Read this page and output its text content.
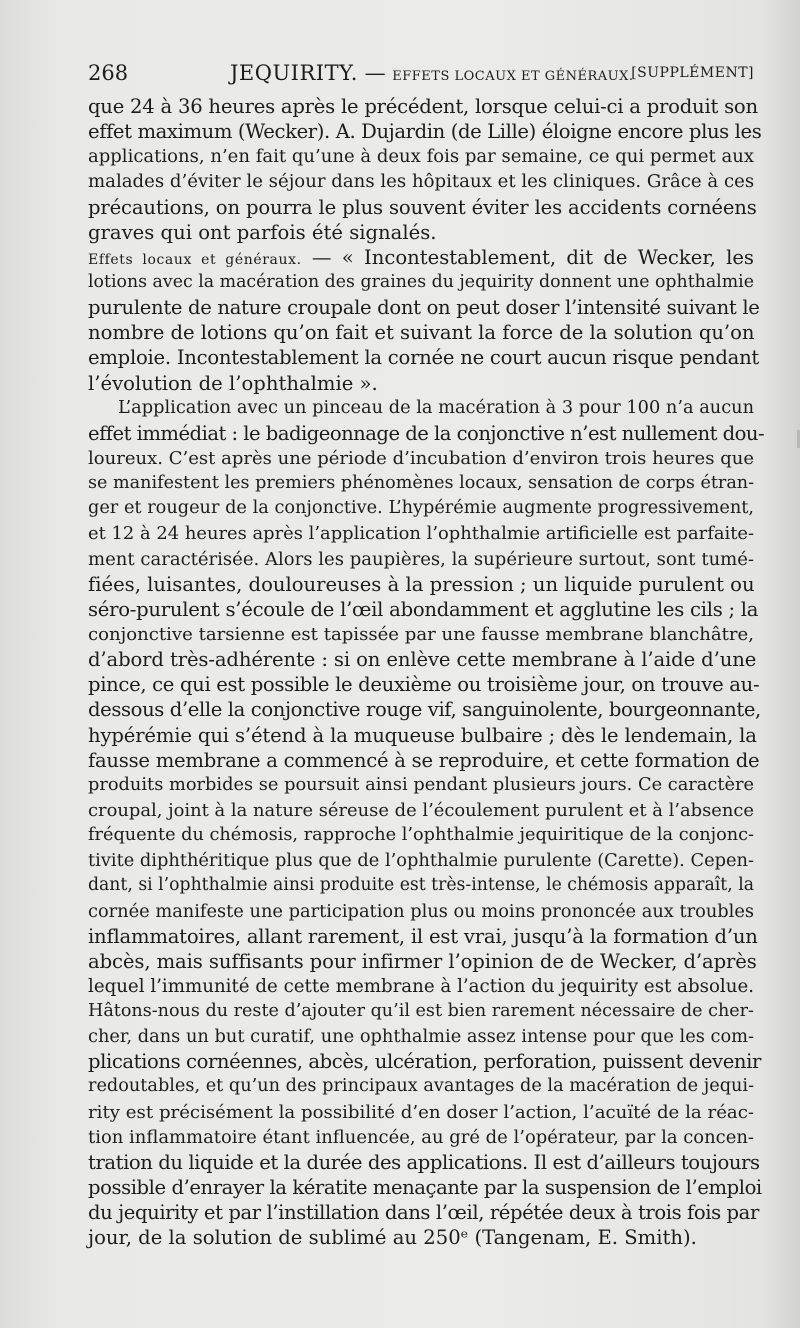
268	JEQUIRITY. — EFFETS LOCAUX ET GÉNÉRAUX.
[SUPPLÉMENT]

que 24 à 36 heures après le précédent, lorsque celui-ci a produit son
effet maximum (Wecker). A. Dujardin (de Lille) éloigne encore plus les
applications, n’en fait qu’une à deux fois par semaine, ce qui permet aux
malades d’éviter le séjour dans les hôpitaux et les cliniques. Grâce à ces
précautions, on pourra le plus souvent éviter les accidents cornéens
graves qui ont parfois été signalés.

Effets locaux et généraux. — « Incontestablement, dit de Wecker, les
lotions avec la macération des graines du jequirity donnent une ophthalmie
purulente de nature croupale dont on peut doser l’intensité suivant le
nombre de lotions qu’on fait et suivant la force de la solution qu’on
emploie. Incontestablement la cornée ne court aucun risque pendant
l’évolution de l’ophthalmie ».

L’application avec un pinceau de la macération à 3 pour 100 n’a aucun
effet immédiat : le badigeonnage de la conjonctive n’est nullement dou-
loureux. C’est après une période d’incubation d’environ trois heures que
se manifestent les premiers phénomènes locaux, sensation de corps étran-
ger et rougeur de la conjonctive. L’hypérémie augmente progressivement,
et 12 à 24 heures après l’application l’ophthalmie artificielle est parfaite-
ment caractérisée. Alors les paupières, la supérieure surtout, sont tumé-
fiées, luisantes, douloureuses à la pression ; un liquide purulent ou
séro-purulent s’écoule de l’œil abondamment et agglutine les cils ; la
conjonctive tarsienne est tapissée par une fausse membrane blanchâtre,
d’abord très-adhérente : si on enlève cette membrane à l’aide d’une
pince, ce qui est possible le deuxième ou troisième jour, on trouve au-
dessous d’elle la conjonctive rouge vif, sanguinolente, bourgeonnante,
hypérémie qui s’étend à la muqueuse bulbaire ; dès le lendemain, la
fausse membrane a commencé à se reproduire, et cette formation de
produits morbides se poursuit ainsi pendant plusieurs jours. Ce caractère
croupal, joint à la nature séreuse de l’écoulement purulent et à l’absence
fréquente du chémosis, rapproche l’ophthalmie jequiritique de la conjonc-
tivite diphthéritique plus que de l’ophthalmie purulente (Carette). Cepen-
dant, si l’ophthalmie ainsi produite est très-intense, le chémosis apparaît, la
cornée manifeste une participation plus ou moins prononcée aux troubles
inflammatoires, allant rarement, il est vrai, jusqu’à la formation d’un
abcès, mais suffisants pour infirmer l’opinion de de Wecker, d’après
lequel l’immunité de cette membrane à l’action du jequirity est absolue.
Hâtons-nous du reste d’ajouter qu’il est bien rarement nécessaire de cher-
cher, dans un but curatif, une ophthalmie assez intense pour que les com-
plications cornéennes, abcès, ulcération, perforation, puissent devenir
redoutables, et qu’un des principaux avantages de la macération de jequi-
rity est précisément la possibilité d’en doser l’action, l’acuïté de la réac-
tion inflammatoire étant influencée, au gré de l’opérateur, par la concen-
tration du liquide et la durée des applications. Il est d’ailleurs toujours
possible d’enrayer la kératite menaçante par la suspension de l’emploi
du jequirity et par l’instillation dans l’œil, répétée deux à trois fois par
jour, de la solution de sublimé au 250ᵉ (Tangenam, E. Smith).
